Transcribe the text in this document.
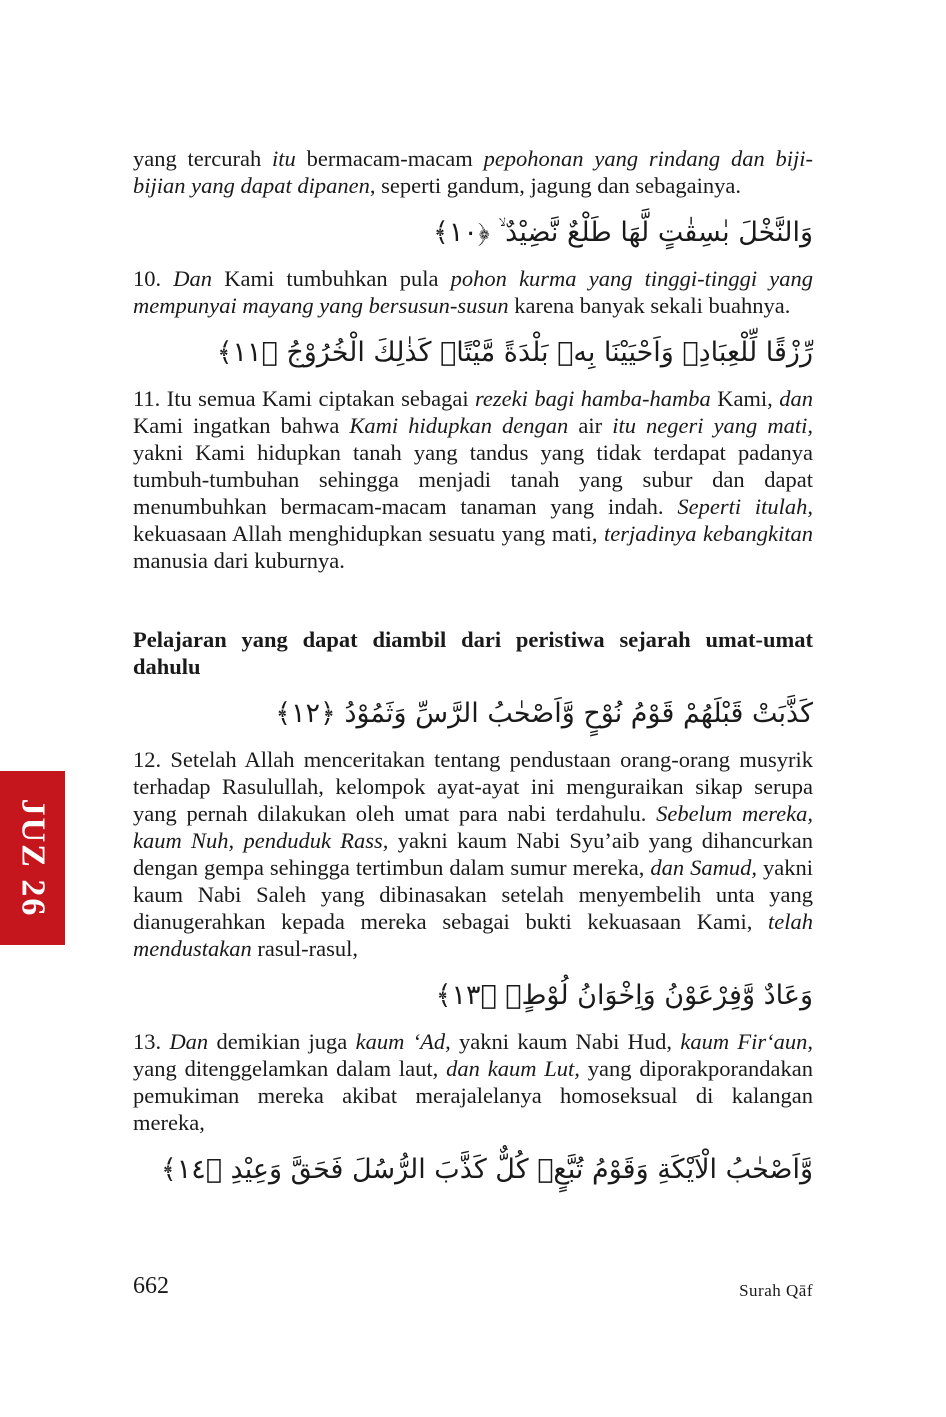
yang tercurah itu bermacam-macam pepohonan yang rindang dan biji-bijian yang dapat dipanen, seperti gandum, jagung dan sebagainya.

وَالنَّخْلَ بٰسِقٰتٍ لَّهَا طَلْعٌ نَّضِيْدٌ ۙ ﴿١٠﴾

10. Dan Kami tumbuhkan pula pohon kurma yang tinggi-tinggi yang mempunyai mayang yang bersusun-susun karena banyak sekali buahnya.

رِّزْقًا لِّلْعِبَادِۙ وَاَحْيَيْنَا بِهٖ بَلْدَةً مَّيْتًاۗ كَذٰلِكَ الْخُرُوْجُ ﴿١١﴾

11. Itu semua Kami ciptakan sebagai rezeki bagi hamba-hamba Kami, dan Kami ingatkan bahwa Kami hidupkan dengan air itu negeri yang mati, yakni Kami hidupkan tanah yang tandus yang tidak terdapat padanya tumbuh-tumbuhan sehingga menjadi tanah yang subur dan dapat menumbuhkan bermacam-macam tanaman yang indah. Seperti itulah, kekuasaan Allah menghidupkan sesuatu yang mati, terjadinya kebangkitan manusia dari kuburnya.

Pelajaran yang dapat diambil dari peristiwa sejarah umat-umat dahulu

كَذَّبَتْ قَبْلَهُمْ قَوْمُ نُوْحٍ وَّاَصْحٰبُ الرَّسِّ وَثَمُوْدُ ﴿١٢﴾

12. Setelah Allah menceritakan tentang pendustaan orang-orang musyrik terhadap Rasulullah, kelompok ayat-ayat ini menguraikan sikap serupa yang pernah dilakukan oleh umat para nabi terdahulu. Sebelum mereka, kaum Nuh, penduduk Rass, yakni kaum Nabi Syu’aib yang dihancurkan dengan gempa sehingga tertimbun dalam sumur mereka, dan Samud, yakni kaum Nabi Saleh yang dibinasakan setelah menyembelih unta yang dianugerahkan kepada mereka sebagai bukti kekuasaan Kami, telah mendustakan rasul-rasul,

وَعَادٌ وَّفِرْعَوْنُ وَاِخْوَانُ لُوْطٍۙ ﴿١٣﴾

13. Dan demikian juga kaum ‘Ad, yakni kaum Nabi Hud, kaum Fir‘aun, yang ditenggelamkan dalam laut, dan kaum Lut, yang diporakporandakan pemukiman mereka akibat merajalelanya homoseksual di kalangan mereka,

وَّاَصْحٰبُ الْاَيْكَةِ وَقَوْمُ تُبَّعٍۗ كُلٌّ كَذَّبَ الرُّسُلَ فَحَقَّ وَعِيْدِ ﴿١٤﴾
JUZ 26
662	Surah Qāf
